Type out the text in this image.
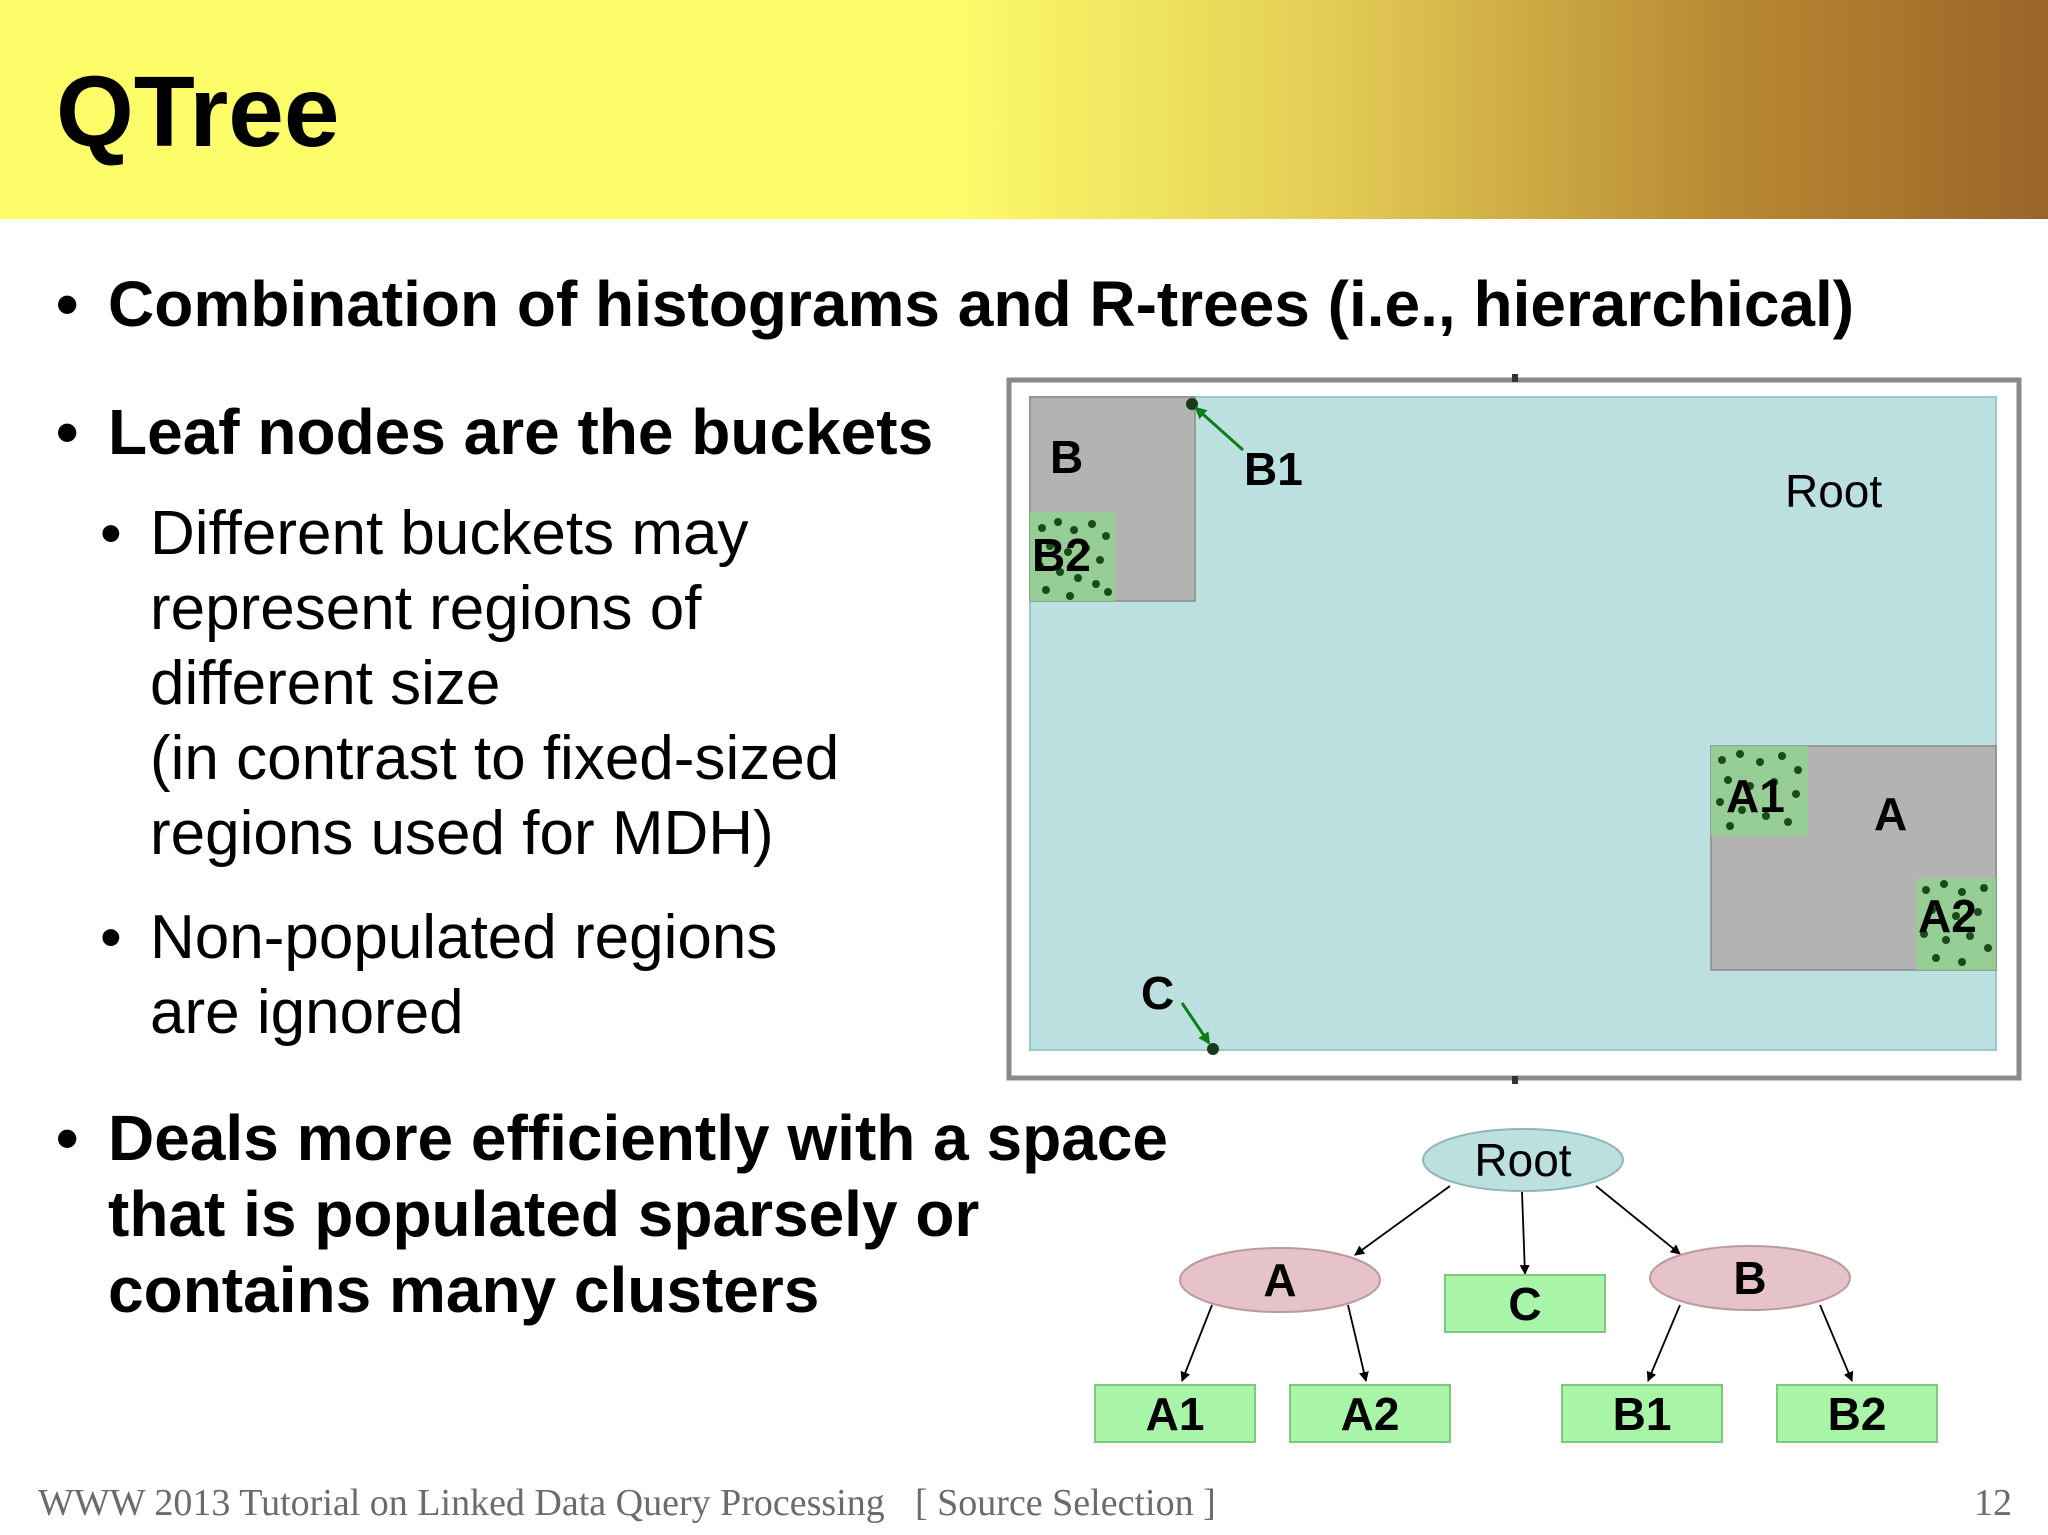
QTree
• Combination of histograms and R-trees (i.e., hierarchical)
• Leaf nodes are the buckets
• Different buckets may
represent regions of
different size
(in contrast to fixed-sized
regions used for MDH)
• Non-populated regions
are ignored
• Deals more efficiently with a space
that is populated sparsely or
contains many clusters
B
B2
A1 A
A2
Root
B1
C
Root
A	C	B
A1	A2	B1	B2
WWW 2013 Tutorial on Linked Data Query Processing [ Source Selection ]	12
